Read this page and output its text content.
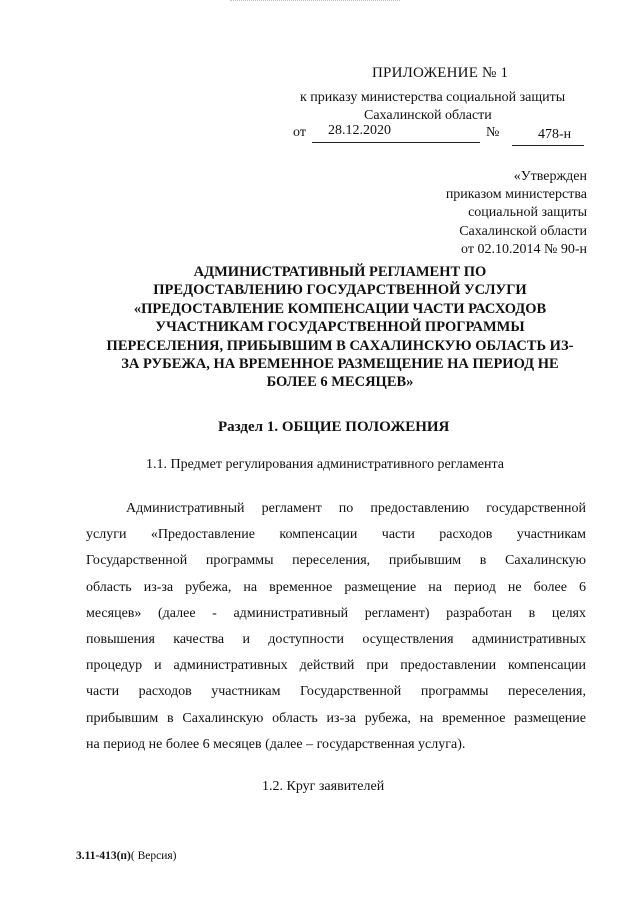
ПРИЛОЖЕНИЕ № 1
к приказу министерства социальной защиты
Сахалинской области
от 28.12.2020	№	478-н
«Утвержден
приказом министерства
социальной защиты
Сахалинской области
от 02.10.2014 № 90-н
АДМИНИСТРАТИВНЫЙ РЕГЛАМЕНТ ПО
ПРЕДОСТАВЛЕНИЮ ГОСУДАРСТВЕННОЙ УСЛУГИ
«ПРЕДОСТАВЛЕНИЕ КОМПЕНСАЦИИ ЧАСТИ РАСХОДОВ
УЧАСТНИКАМ ГОСУДАРСТВЕННОЙ ПРОГРАММЫ
ПЕРЕСЕЛЕНИЯ, ПРИБЫВШИМ В САХАЛИНСКУЮ ОБЛАСТЬ ИЗ-
ЗА РУБЕЖА, НА ВРЕМЕННОЕ РАЗМЕЩЕНИЕ НА ПЕРИОД НЕ
БОЛЕЕ 6 МЕСЯЦЕВ»
Раздел 1. ОБЩИЕ ПОЛОЖЕНИЯ
1.1. Предмет регулирования административного регламента
Административный регламент по предоставлению государственной
услуги «Предоставление компенсации части расходов участникам
Государственной программы переселения, прибывшим в Сахалинскую
область из-за рубежа, на временное размещение на период не более 6
месяцев» (далее - административный регламент) разработан в целях
повышения качества и доступности осуществления административных
процедур и административных действий при предоставлении компенсации
части расходов участникам Государственной программы переселения,
прибывшим в Сахалинскую область из-за рубежа, на временное размещение
на период не более 6 месяцев (далее – государственная услуга).
1.2. Круг заявителей
3.11-413(п)( Версия)
